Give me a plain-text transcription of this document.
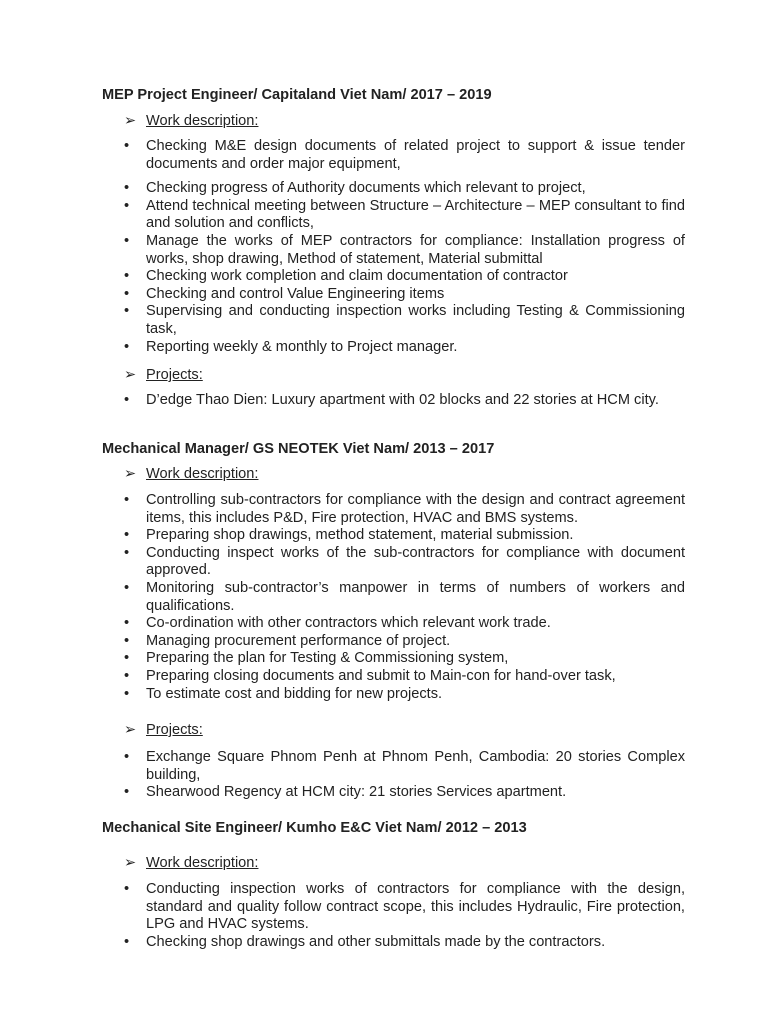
MEP Project Engineer/ Capitaland Viet Nam/ 2017 – 2019
➢ Work description:
• Checking M&E design documents of related project to support & issue tender documents and order major equipment,
• Checking progress of Authority documents which relevant to project,
• Attend technical meeting between Structure – Architecture – MEP consultant to find and solution and conflicts,
• Manage the works of MEP contractors for compliance: Installation progress of works, shop drawing, Method of statement, Material submittal
• Checking work completion and claim documentation of contractor
• Checking and control Value Engineering items
• Supervising and conducting inspection works including Testing & Commissioning task,
• Reporting weekly & monthly to Project manager.
➢ Projects:
• D’edge Thao Dien: Luxury apartment with 02 blocks and 22 stories at HCM city.
Mechanical Manager/ GS NEOTEK Viet Nam/ 2013 – 2017
➢ Work description:
• Controlling sub-contractors for compliance with the design and contract agreement items, this includes P&D, Fire protection, HVAC and BMS systems.
• Preparing shop drawings, method statement, material submission.
• Conducting inspect works of the sub-contractors for compliance with document approved.
• Monitoring sub-contractor’s manpower in terms of numbers of workers and qualifications.
• Co-ordination with other contractors which relevant work trade.
• Managing procurement performance of project.
• Preparing the plan for Testing & Commissioning system,
• Preparing closing documents and submit to Main-con for hand-over task,
• To estimate cost and bidding for new projects.
➢ Projects:
• Exchange Square Phnom Penh at Phnom Penh, Cambodia: 20 stories Complex building,
• Shearwood Regency at HCM city: 21 stories Services apartment.
Mechanical Site Engineer/ Kumho E&C Viet Nam/ 2012 – 2013
➢ Work description:
• Conducting inspection works of contractors for compliance with the design, standard and quality follow contract scope, this includes Hydraulic, Fire protection, LPG and HVAC systems.
• Checking shop drawings and other submittals made by the contractors.
